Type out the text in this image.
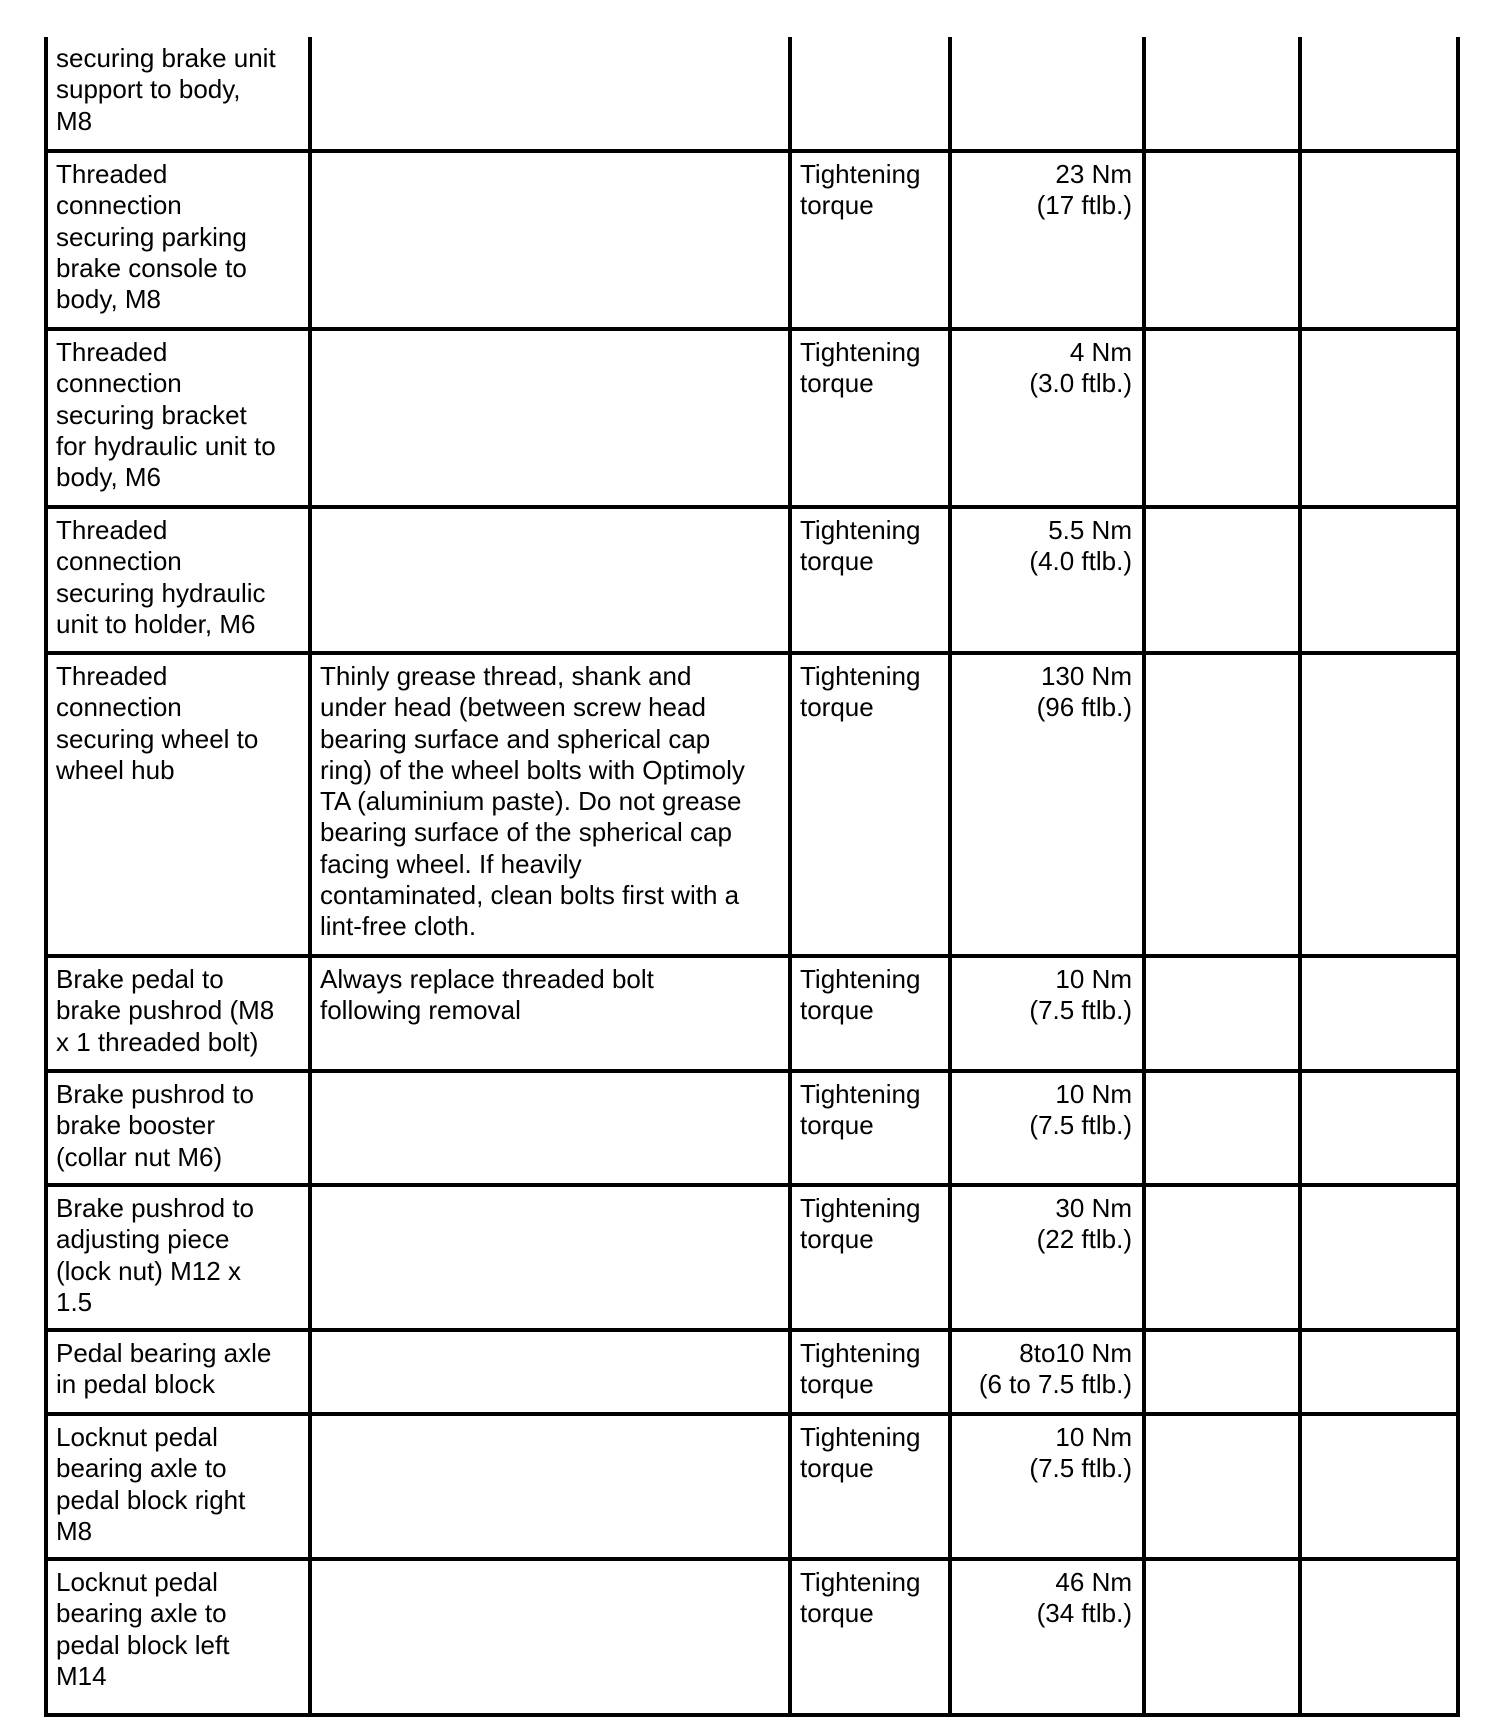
securing brake unit
support to body,
M8
Threaded
connection
securing parking
brake console to
body, M8
Tightening
torque
23 Nm
(17 ftlb.)
Threaded
connection
securing bracket
for hydraulic unit to
body, M6
Tightening
torque
4 Nm
(3.0 ftlb.)
Threaded
connection
securing hydraulic
unit to holder, M6
Tightening
torque
5.5 Nm
(4.0 ftlb.)
Threaded
connection
securing wheel to
wheel hub
Thinly grease thread, shank and
under head (between screw head
bearing surface and spherical cap
ring) of the wheel bolts with Optimoly
TA (aluminium paste). Do not grease
bearing surface of the spherical cap
facing wheel. If heavily
contaminated, clean bolts first with a
lint-free cloth.
Tightening
torque
130 Nm
(96 ftlb.)
Brake pedal to
brake pushrod (M8
x 1 threaded bolt)
Always replace threaded bolt
following removal
Tightening
torque
10 Nm
(7.5 ftlb.)
Brake pushrod to
brake booster
(collar nut M6)
Tightening
torque
10 Nm
(7.5 ftlb.)
Brake pushrod to
adjusting piece
(lock nut) M12 x
1.5
Tightening
torque
30 Nm
(22 ftlb.)
Pedal bearing axle
in pedal block
Tightening
torque
8to10 Nm
(6 to 7.5 ftlb.)
Locknut pedal
bearing axle to
pedal block right
M8
Tightening
torque
10 Nm
(7.5 ftlb.)
Locknut pedal
bearing axle to
pedal block left
M14
Tightening
torque
46 Nm
(34 ftlb.)
